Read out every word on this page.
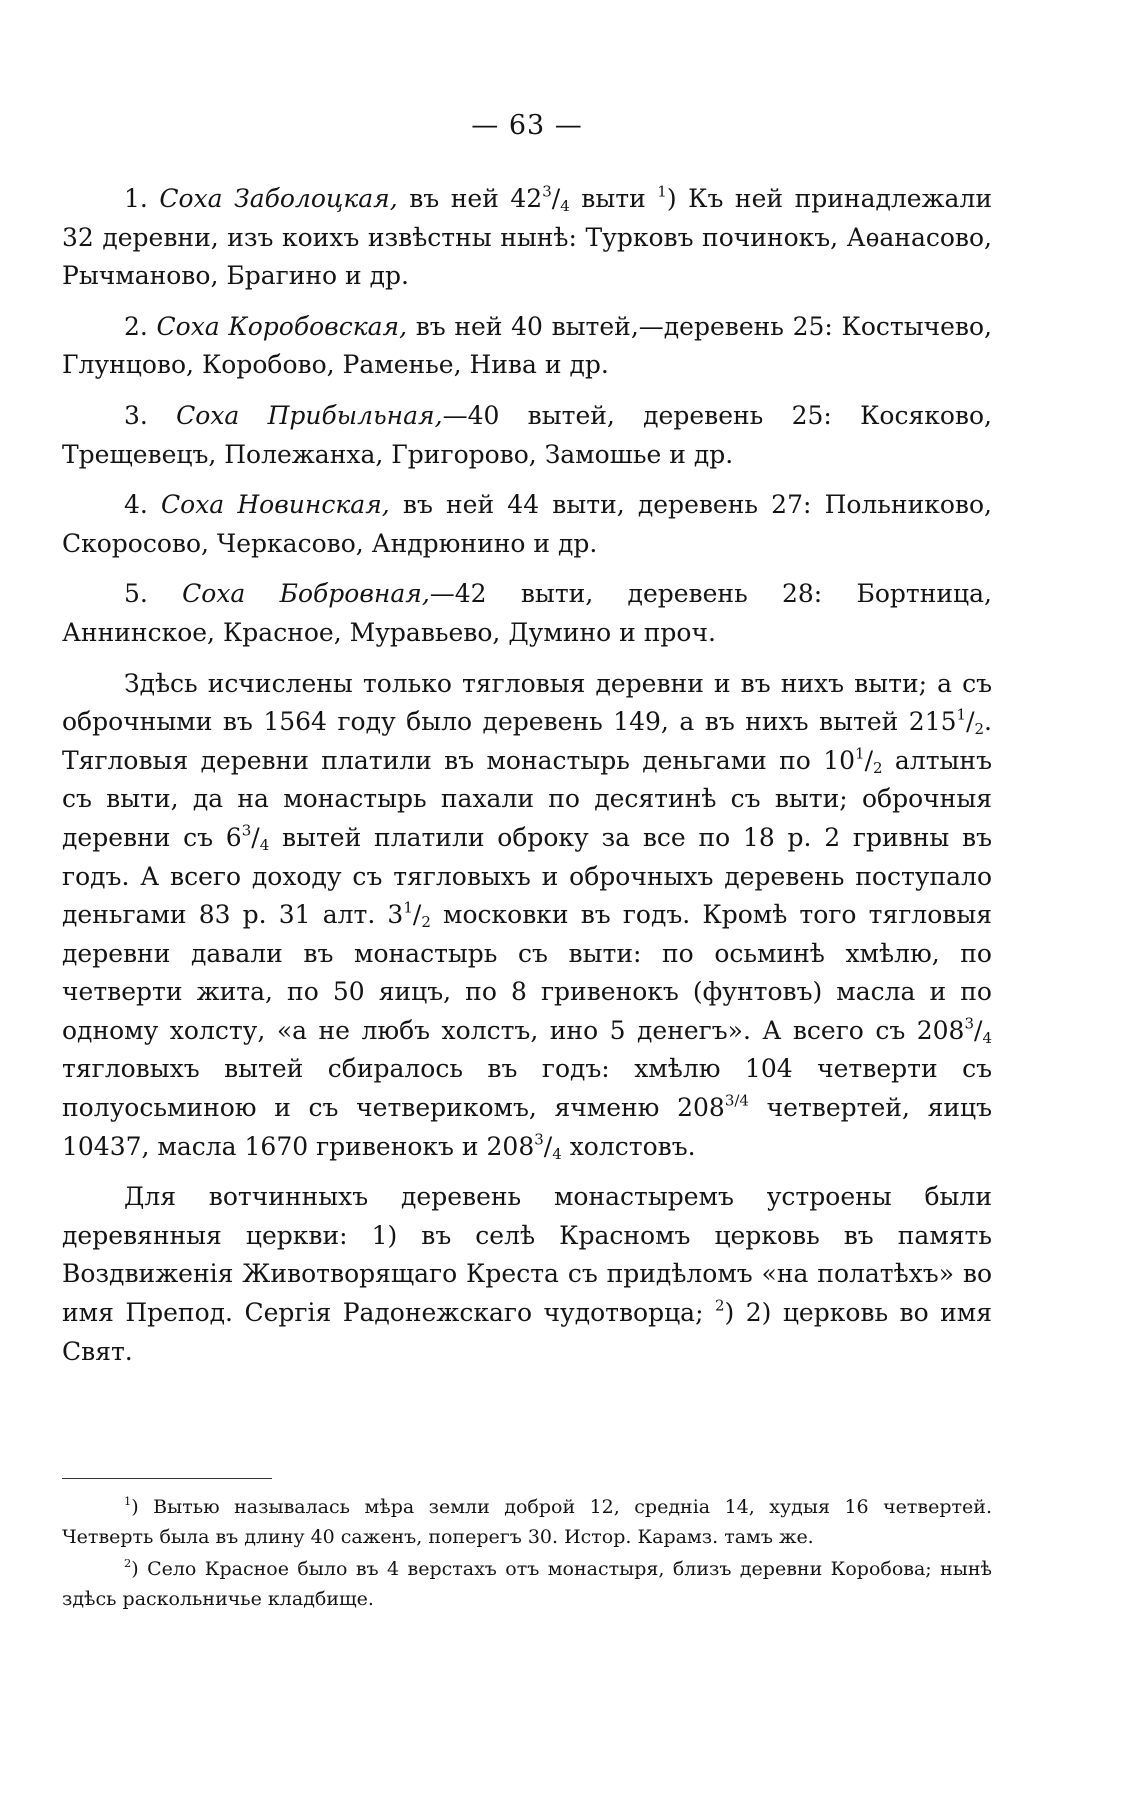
— 63 —

1. Соха Заболоцкая, въ ней $42^3/_4$ выти $^1$) Къ ней принадлежали 32 деревни, изъ коихъ извѣстны нынѣ: Турковъ починокъ, Аѳанасово, Рычманово, Брагино и др.

2. Соха Коробовская, въ ней 40 вытей,—деревень 25: Костычево, Глунцово, Коробово, Раменье, Нива и др.

3. Соха Прибыльная,—40 вытей, деревень 25: Косяково, Трещевецъ, Полежанха, Григорово, Замошье и др.

4. Соха Новинская, въ ней 44 выти, деревень 27: Польниково, Скоросово, Черкасово, Андрюнино и др.

5. Соха Бобровная,—42 выти, деревень 28: Бортница, Аннинское, Красное, Муравьево, Думино и проч.

Здѣсь исчислены только тягловыя деревни и въ нихъ выти; а съ оброчными въ 1564 году было деревень 149, а въ нихъ вытей $215^1/_2$. Тягловыя деревни платили въ монастырь деньгами по $10^1/_2$ алтынъ съ выти, да на монастырь пахали по десятинѣ съ выти; оброчныя деревни съ $6^3/_4$ вытей платили оброку за все по 18 р. 2 гривны въ годъ. А всего доходу съ тягловыхъ и оброчныхъ деревень поступало деньгами 83 р. 31 алт. $3^1/_2$ московки въ годъ. Кромѣ того тягловыя деревни давали въ монастырь съ выти: по осьминѣ хмѣлю, по четверти жита, по 50 яицъ, по 8 гривенокъ (фунтовъ) масла и по одному холсту, «а не любъ холстъ, ино 5 денегъ». А всего съ $208^3/_4$ тягловыхъ вытей сбиралось въ годъ: хмѣлю 104 четверти съ полуосьминою и съ четверикомъ, ячменю $208^{3/4}$ четвертей, яицъ 10437, масла 1670 гривенокъ и $208^3/_4$ холстовъ.

Для вотчинныхъ деревень монастыремъ устроены были деревянныя церкви: 1) въ селѣ Красномъ церковь въ память Воздвиженія Животворящаго Креста съ придѣломъ «на полатѣхъ» во имя Препод. Сергія Радонежскаго чудотворца; $^2$) 2) церковь во имя Свят.

$^1$) Вытью называлась мѣра земли доброй 12, средніа 14, худыя 16 четвертей. Четверть была въ длину 40 саженъ, поперегъ 30. Истор. Карамз. тамъ же.

$^2$) Село Красное было въ 4 верстахъ отъ монастыря, близъ деревни Коробова; нынѣ здѣсь раскольничье кладбище.
